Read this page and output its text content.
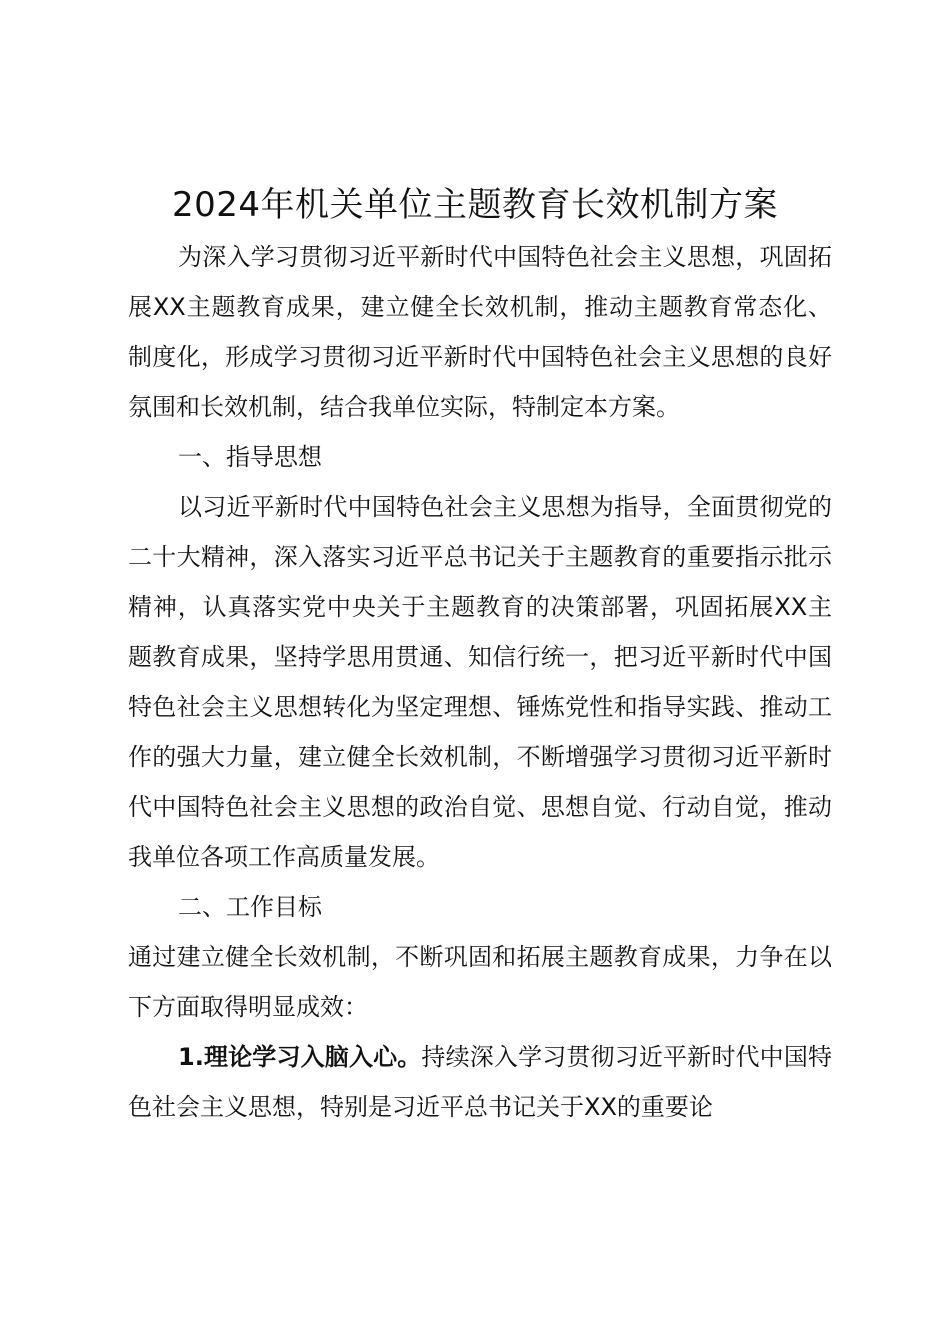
2024年机关单位主题教育长效机制方案

为深入学习贯彻习近平新时代中国特色社会主义思想，巩固拓展XX主题教育成果，建立健全长效机制，推动主题教育常态化、制度化，形成学习贯彻习近平新时代中国特色社会主义思想的良好氛围和长效机制，结合我单位实际，特制定本方案。

一、指导思想

以习近平新时代中国特色社会主义思想为指导，全面贯彻党的二十大精神，深入落实习近平总书记关于主题教育的重要指示批示精神，认真落实党中央关于主题教育的决策部署，巩固拓展XX主题教育成果，坚持学思用贯通、知信行统一，把习近平新时代中国特色社会主义思想转化为坚定理想、锤炼党性和指导实践、推动工作的强大力量，建立健全长效机制，不断增强学习贯彻习近平新时代中国特色社会主义思想的政治自觉、思想自觉、行动自觉，推动我单位各项工作高质量发展。

二、工作目标

通过建立健全长效机制，不断巩固和拓展主题教育成果，力争在以下方面取得明显成效：

1.理论学习入脑入心。持续深入学习贯彻习近平新时代中国特色社会主义思想，特别是习近平总书记关于XX的重要论
